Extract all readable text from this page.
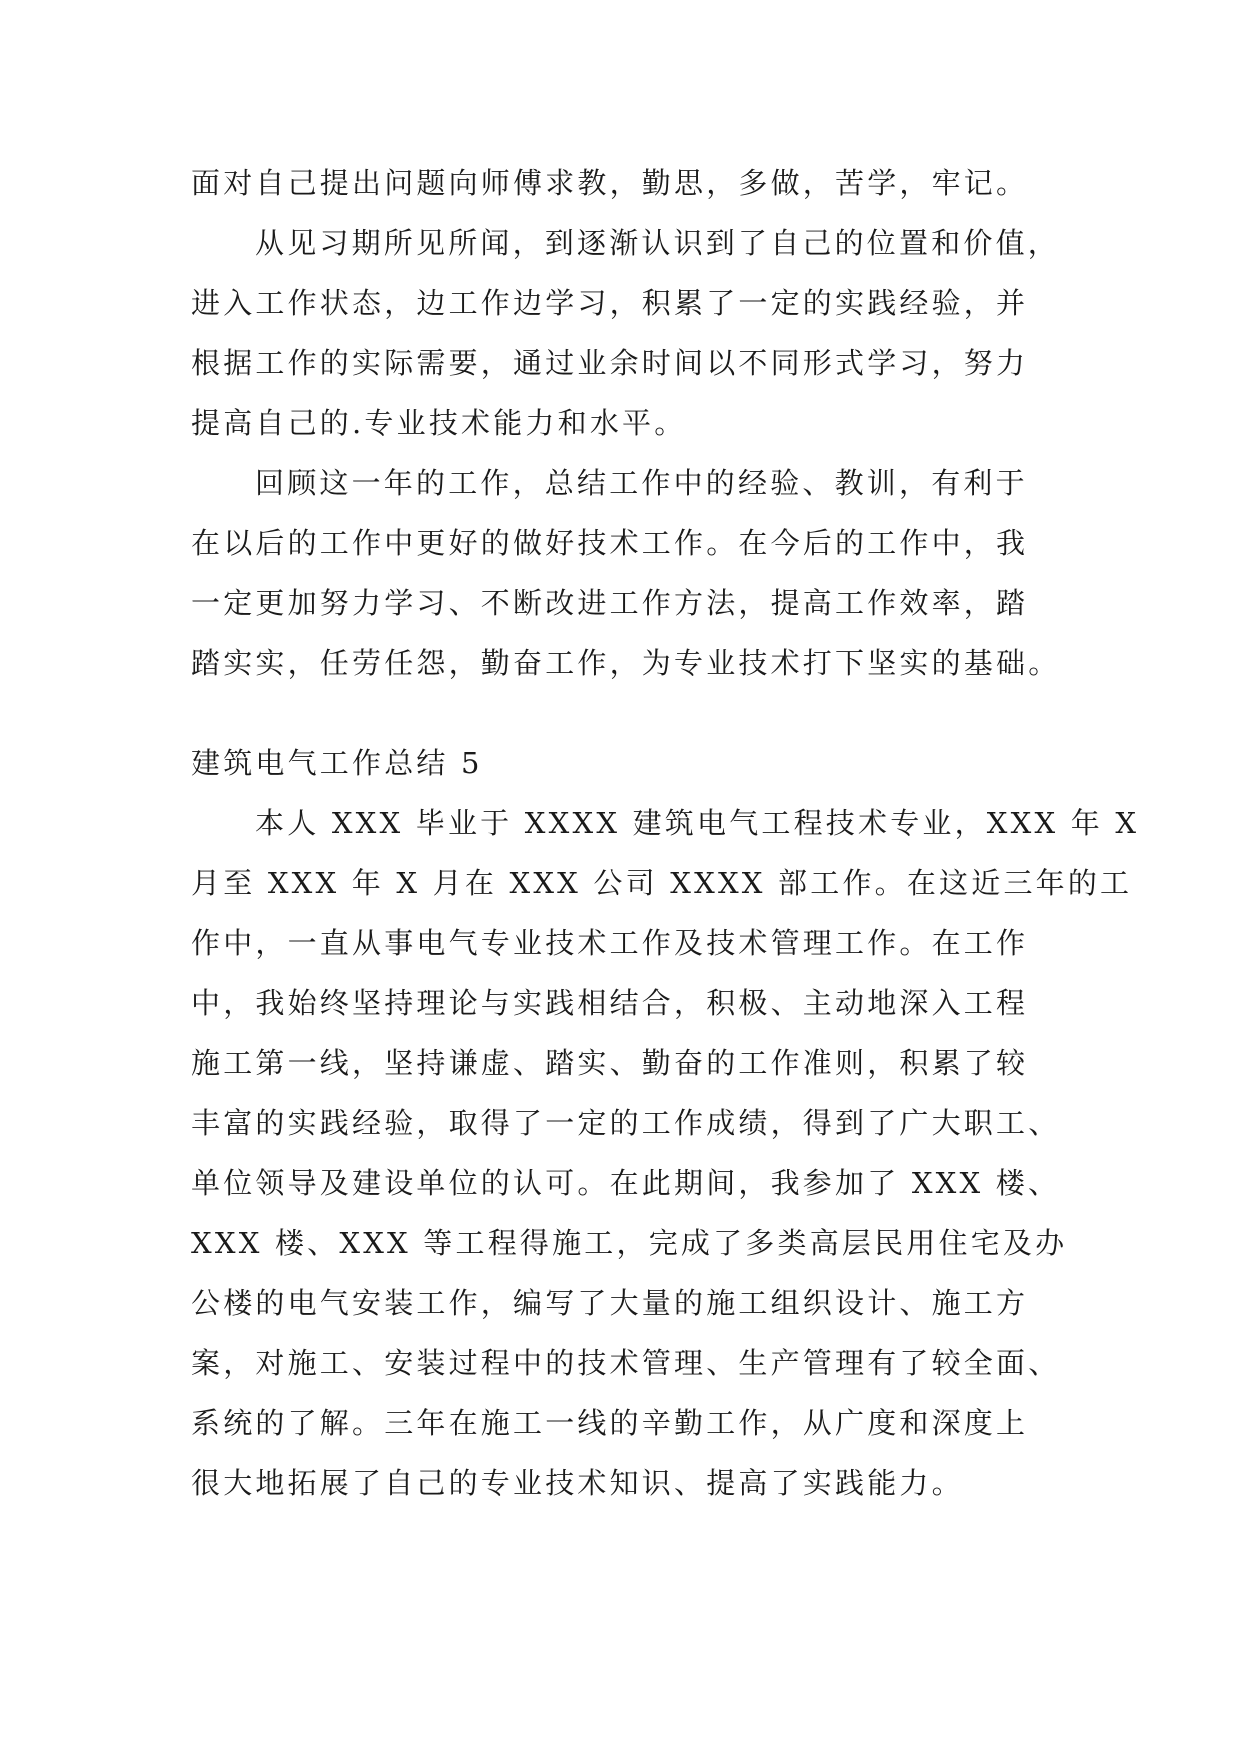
面对自己提出问题向师傅求教，勤思，多做，苦学，牢记。
从见习期所见所闻，到逐渐认识到了自己的位置和价值，
进入工作状态，边工作边学习，积累了一定的实践经验，并
根据工作的实际需要，通过业余时间以不同形式学习，努力
提高自己的.专业技术能力和水平。
回顾这一年的工作，总结工作中的经验、教训，有利于
在以后的工作中更好的做好技术工作。在今后的工作中，我
一定更加努力学习、不断改进工作方法，提高工作效率，踏
踏实实，任劳任怨，勤奋工作，为专业技术打下坚实的基础。
建筑电气工作总结 5
本人 XXX 毕业于 XXXX 建筑电气工程技术专业，XXX 年 X
月至 XXX 年 X 月在 XXX 公司 XXXX 部工作。在这近三年的工
作中，一直从事电气专业技术工作及技术管理工作。在工作
中，我始终坚持理论与实践相结合，积极、主动地深入工程
施工第一线，坚持谦虚、踏实、勤奋的工作准则，积累了较
丰富的实践经验，取得了一定的工作成绩，得到了广大职工、
单位领导及建设单位的认可。在此期间，我参加了 XXX 楼、
XXX 楼、XXX 等工程得施工，完成了多类高层民用住宅及办
公楼的电气安装工作，编写了大量的施工组织设计、施工方
案，对施工、安装过程中的技术管理、生产管理有了较全面、
系统的了解。三年在施工一线的辛勤工作，从广度和深度上
很大地拓展了自己的专业技术知识、提高了实践能力。
